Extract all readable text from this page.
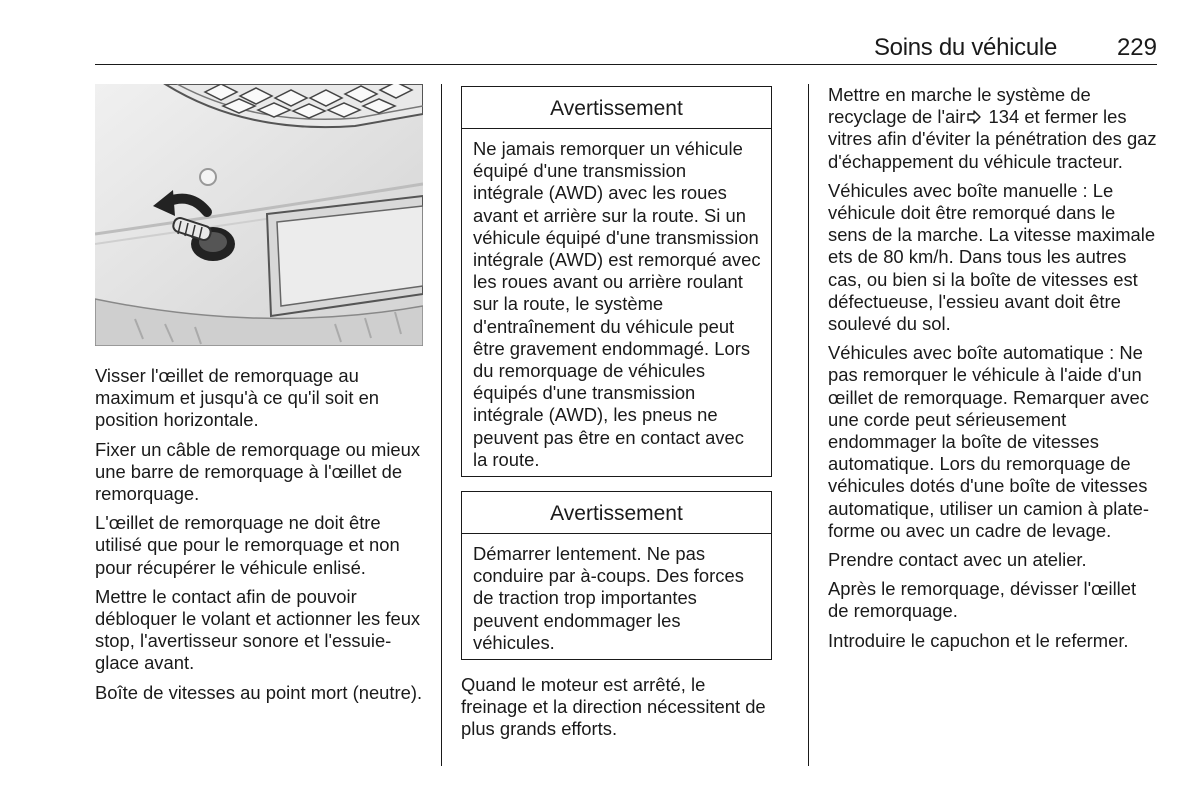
Soins du véhicule 229

Visser l'œillet de remorquage au maximum et jusqu'à ce qu'il soit en position horizontale.

Fixer un câble de remorquage ou mieux une barre de remorquage à l'œillet de remorquage.

L'œillet de remorquage ne doit être utilisé que pour le remorquage et non pour récupérer le véhicule enlisé.

Mettre le contact afin de pouvoir débloquer le volant et actionner les feux stop, l'avertisseur sonore et l'essuie-glace avant.

Boîte de vitesses au point mort (neutre).

Avertissement
Ne jamais remorquer un véhicule équipé d'une transmission intégrale (AWD) avec les roues avant et arrière sur la route. Si un véhicule équipé d'une transmission intégrale (AWD) est remorqué avec les roues avant ou arrière roulant sur la route, le système d'entraînement du véhicule peut être gravement endommagé. Lors du remorquage de véhicules équipés d'une transmission intégrale (AWD), les pneus ne peuvent pas être en contact avec la route.
Avertissement
Démarrer lentement. Ne pas conduire par à-coups. Des forces de traction trop importantes peuvent endommager les véhicules.

Quand le moteur est arrêté, le freinage et la direction nécessitent de plus grands efforts.

Mettre en marche le système de recyclage de l'air 134 et fermer les vitres afin d'éviter la pénétration des gaz d'échappement du véhicule tracteur.

Véhicules avec boîte manuelle : Le véhicule doit être remorqué dans le sens de la marche. La vitesse maximale ets de 80 km/h. Dans tous les autres cas, ou bien si la boîte de vitesses est défectueuse, l'essieu avant doit être soulevé du sol.

Véhicules avec boîte automatique : Ne pas remorquer le véhicule à l'aide d'un œillet de remorquage. Remarquer avec une corde peut sérieusement endommager la boîte de vitesses automatique. Lors du remorquage de véhicules dotés d'une boîte de vitesses automatique, utiliser un camion à plate-forme ou avec un cadre de levage.

Prendre contact avec un atelier.

Après le remorquage, dévisser l'œillet de remorquage.

Introduire le capuchon et le refermer.
